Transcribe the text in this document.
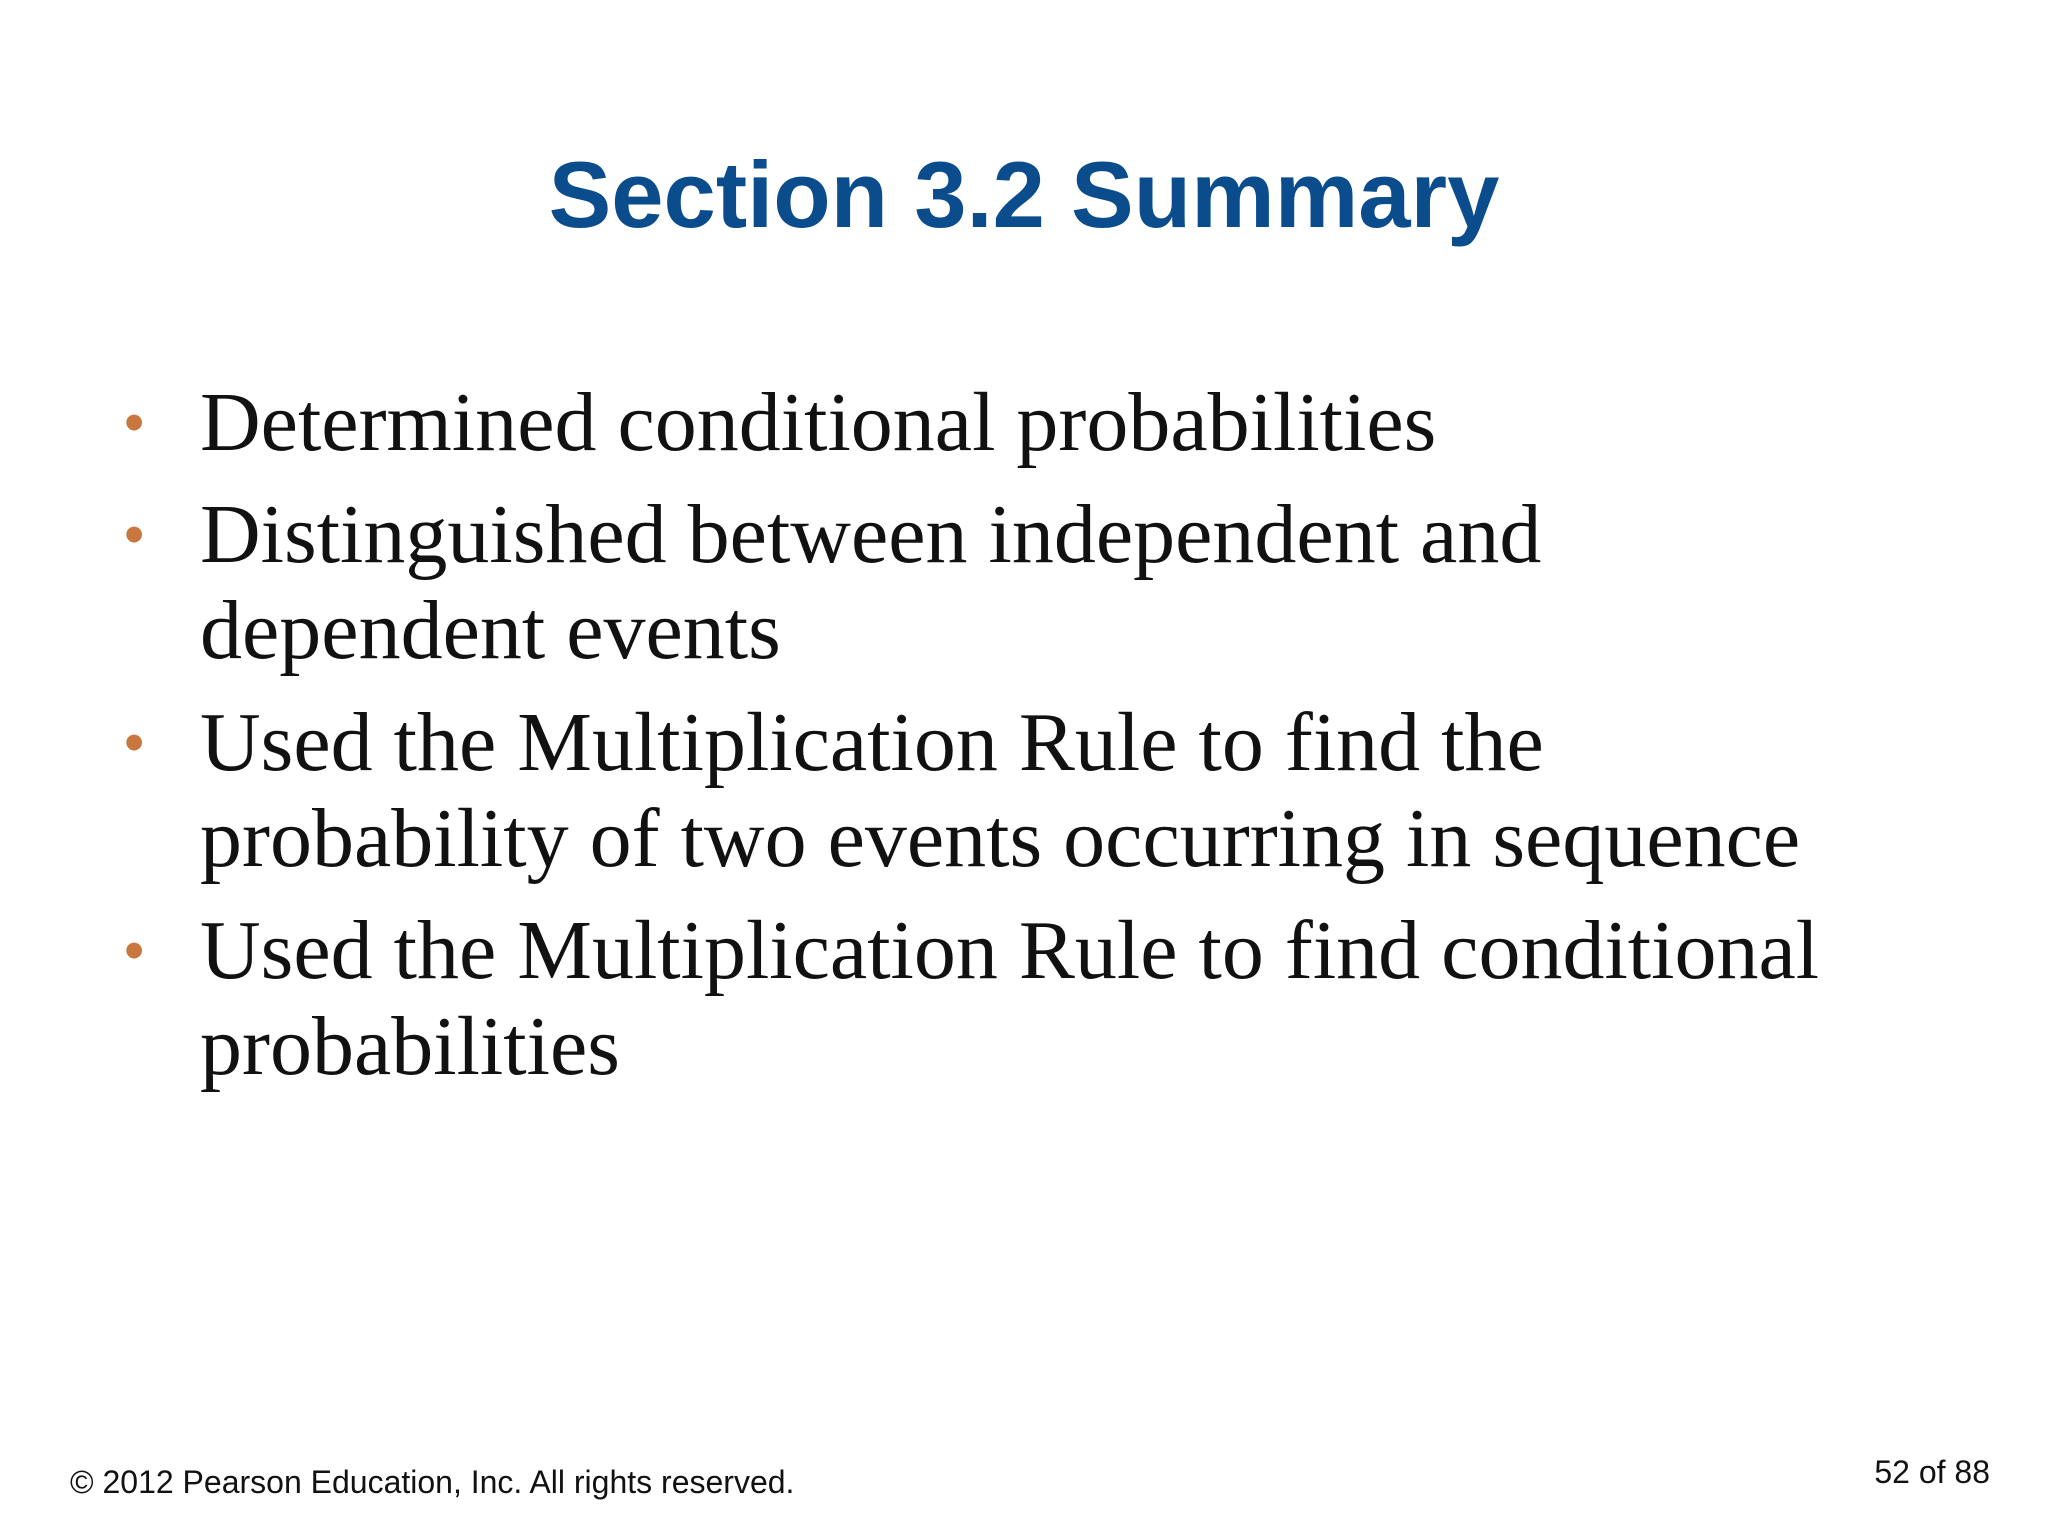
Section 3.2 Summary
• Determined conditional probabilities
• Distinguished between independent and dependent events
• Used the Multiplication Rule to find the probability of two events occurring in sequence
• Used the Multiplication Rule to find conditional probabilities
© 2012 Pearson Education, Inc. All rights reserved.	52 of 88
